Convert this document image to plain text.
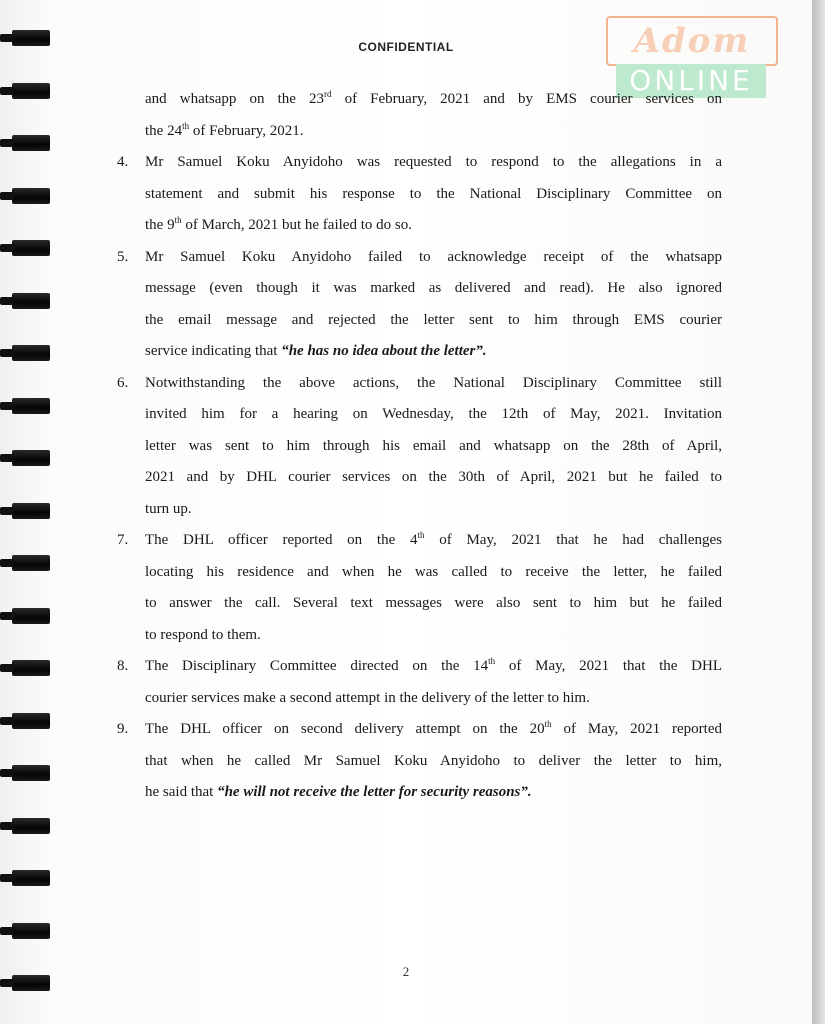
Adom
ONLINE
CONFIDENTIAL
and whatsapp on the 23rd of February, 2021 and by EMS courier services on
the 24th of February, 2021.
4.	Mr Samuel Koku Anyidoho was requested to respond to the allegations in a
statement and submit his response to the National Disciplinary Committee on
the 9th of March, 2021 but he failed to do so.
5.	Mr Samuel Koku Anyidoho failed to acknowledge receipt of the whatsapp
message (even though it was marked as delivered and read). He also ignored
the email message and rejected the letter sent to him through EMS courier
service indicating that “he has no idea about the letter”.
6.	Notwithstanding the above actions, the National Disciplinary Committee still
invited him for a hearing on Wednesday, the 12th of May, 2021. Invitation
letter was sent to him through his email and whatsapp on the 28th of April,
2021 and by DHL courier services on the 30th of April, 2021 but he failed to
turn up.
7.	The DHL officer reported on the 4th of May, 2021 that he had challenges
locating his residence and when he was called to receive the letter, he failed
to answer the call. Several text messages were also sent to him but he failed
to respond to them.
8.	The Disciplinary Committee directed on the 14th of May, 2021 that the DHL
courier services make a second attempt in the delivery of the letter to him.
9.	The DHL officer on second delivery attempt on the 20th of May, 2021 reported
that when he called Mr Samuel Koku Anyidoho to deliver the letter to him,
he said that “he will not receive the letter for security reasons”.
2
